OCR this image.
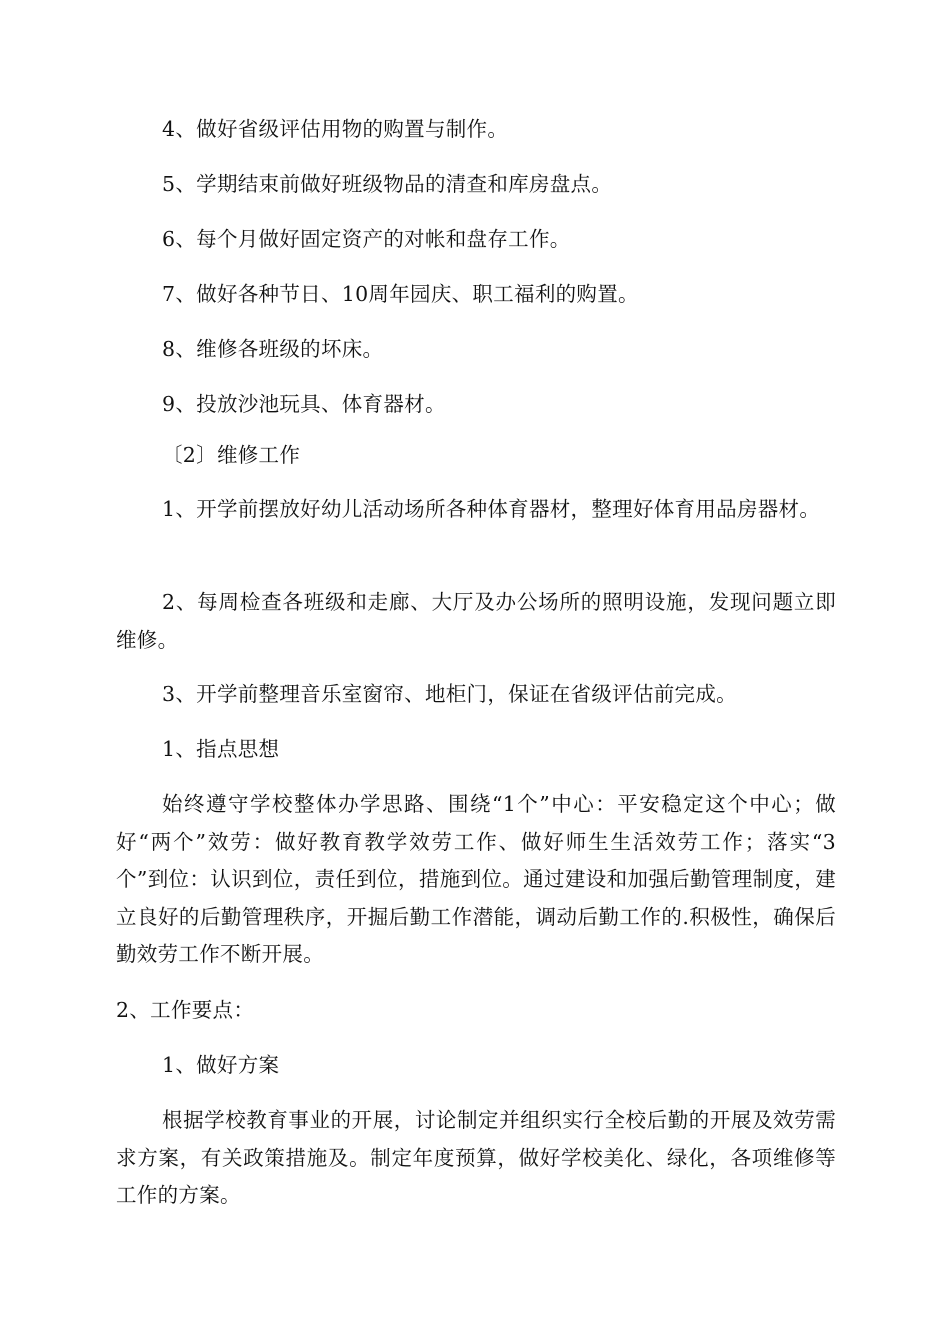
4、做好省级评估用物的购置与制作。
5、学期结束前做好班级物品的清查和库房盘点。
6、每个月做好固定资产的对帐和盘存工作。
7、做好各种节日、10周年园庆、职工福利的购置。
8、维修各班级的坏床。
9、投放沙池玩具、体育器材。
〔2〕维修工作
1、开学前摆放好幼儿活动场所各种体育器材，整理好体育用品房器材。
2、每周检查各班级和走廊、大厅及办公场所的照明设施，发现问题立即维修。
3、开学前整理音乐室窗帘、地柜门，保证在省级评估前完成。
1、指点思想
始终遵守学校整体办学思路、围绕“1个”中心：平安稳定这个中心；做好“两个”效劳：做好教育教学效劳工作、做好师生生活效劳工作；落实“3个”到位：认识到位，责任到位，措施到位。通过建设和加强后勤管理制度，建立良好的后勤管理秩序，开掘后勤工作潜能，调动后勤工作的.积极性，确保后勤效劳工作不断开展。
2、工作要点：
1、做好方案
根据学校教育事业的开展，讨论制定并组织实行全校后勤的开展及效劳需求方案，有关政策措施及。制定年度预算，做好学校美化、绿化，各项维修等工作的方案。
